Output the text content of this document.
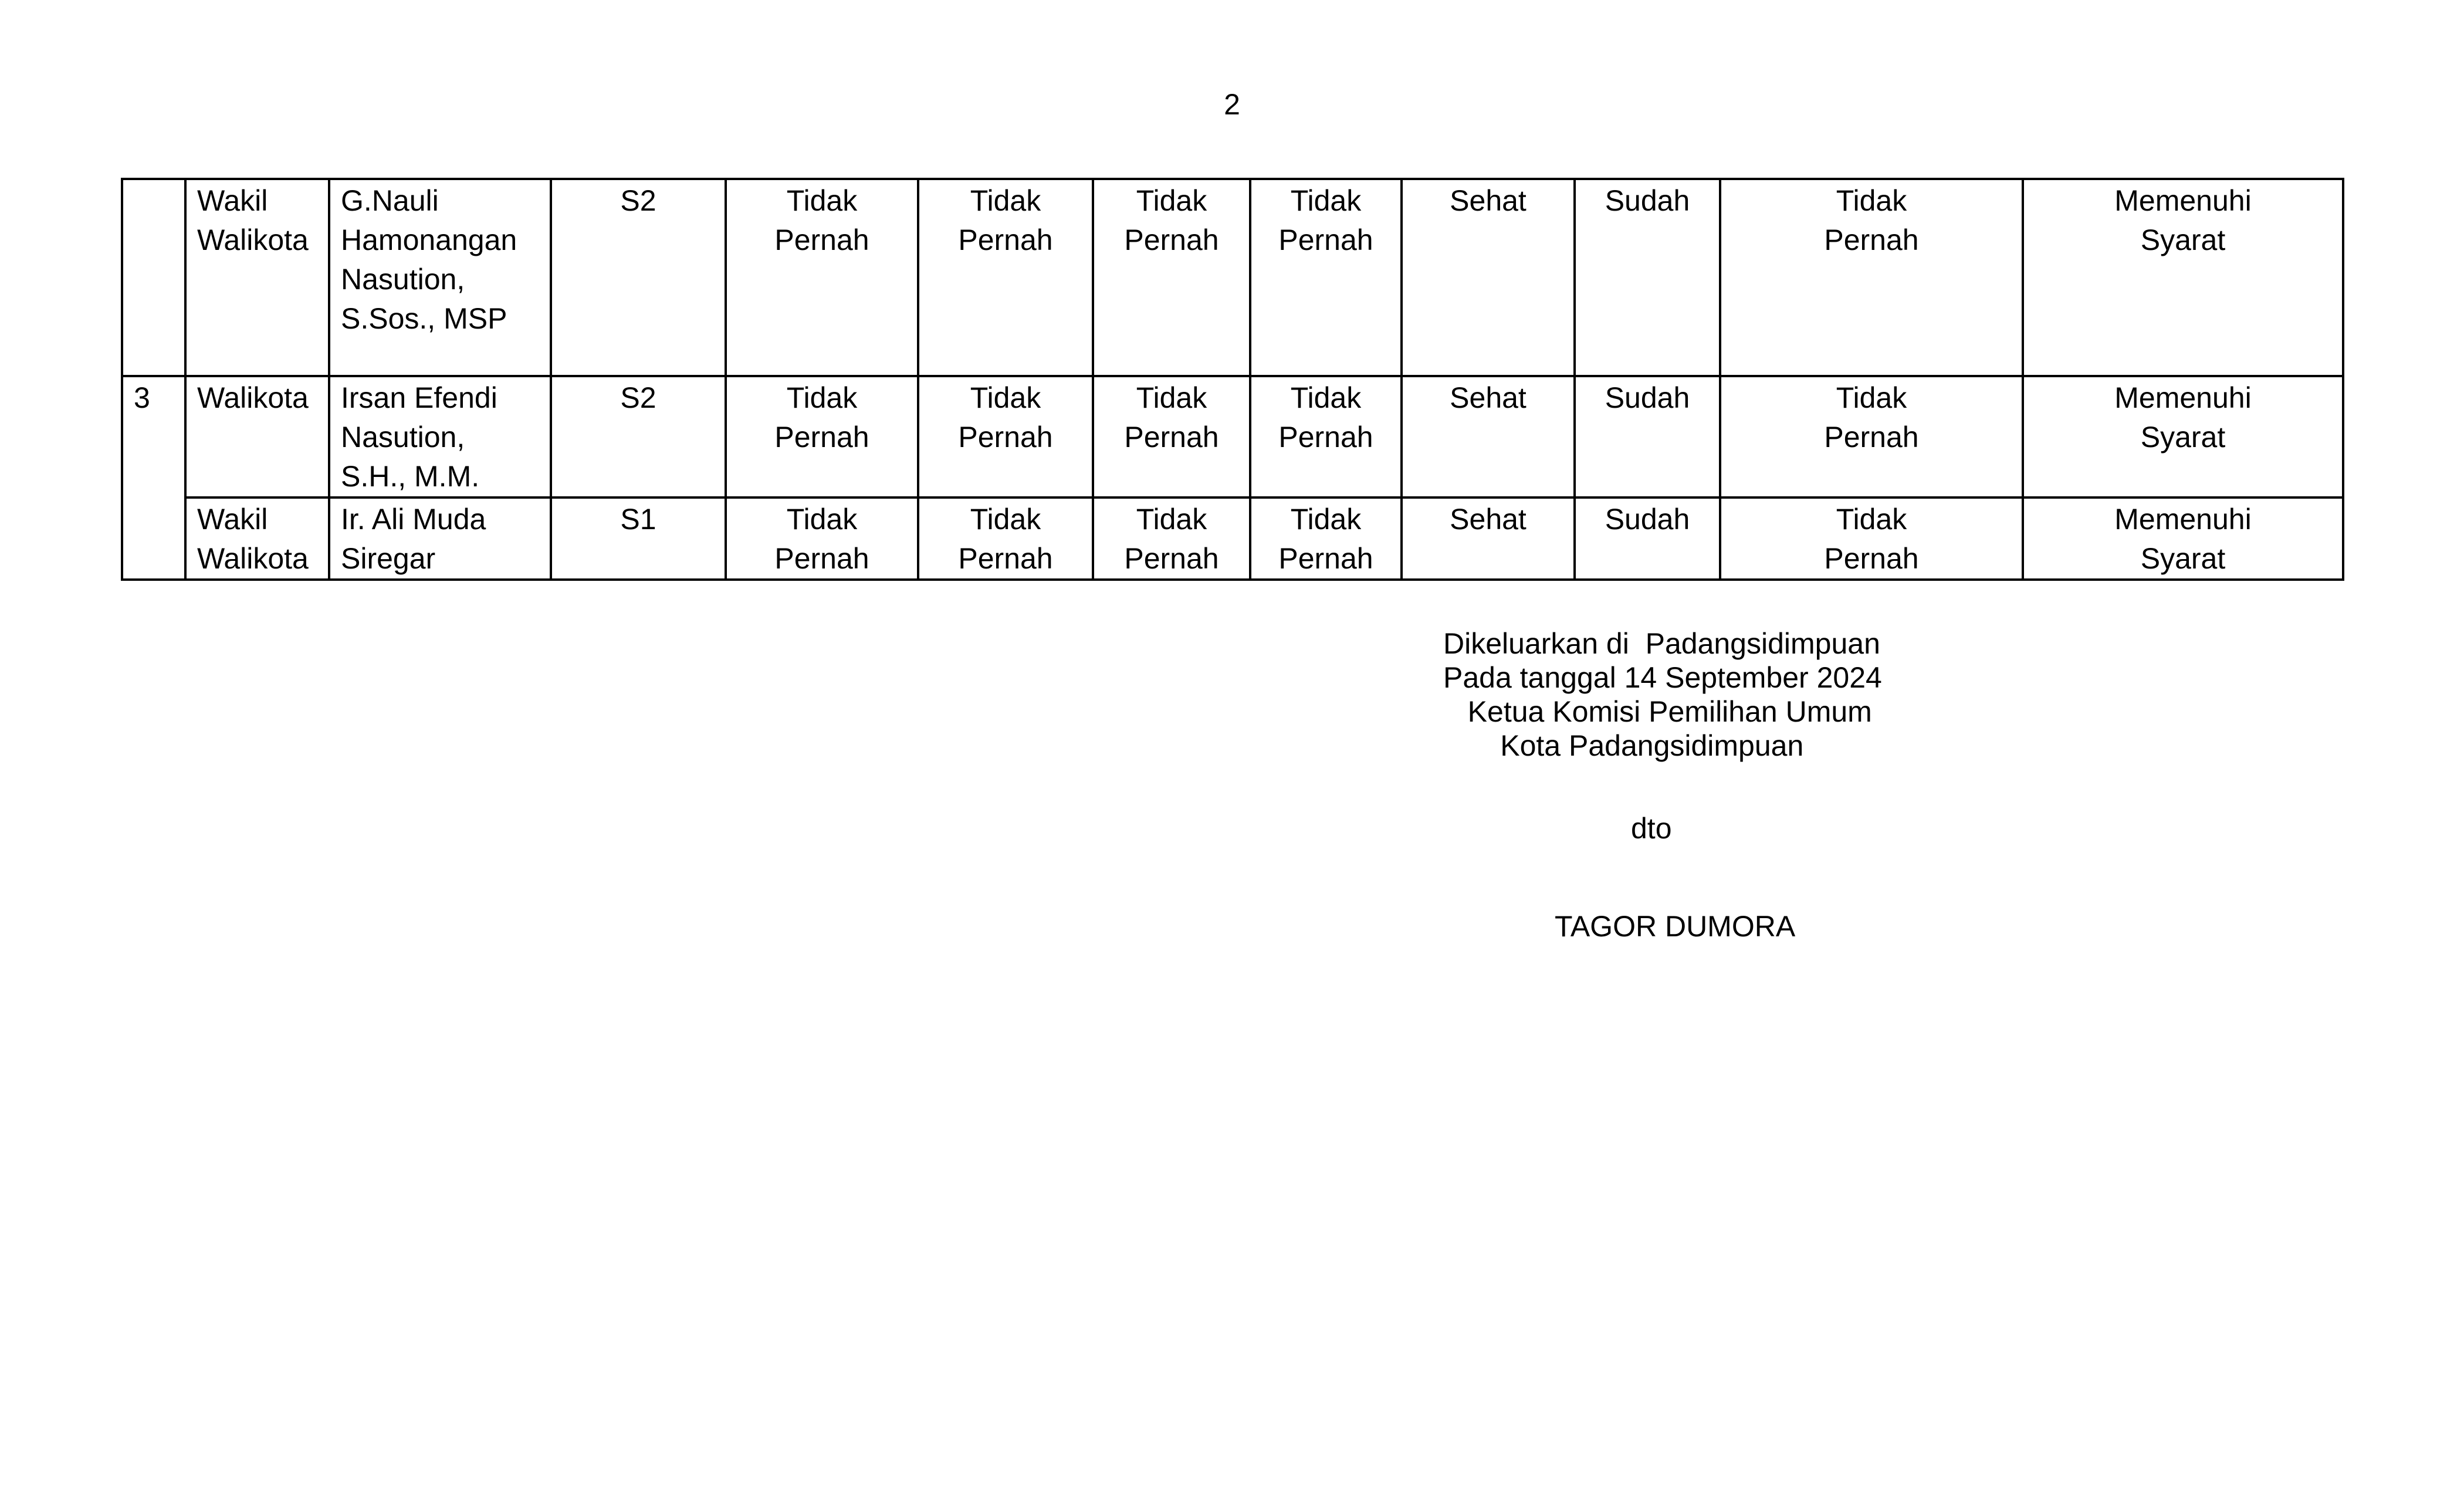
2

	Wakil
Walikota	G.Nauli
Hamonangan
Nasution,
S.Sos., MSP	S2	Tidak
Pernah	Tidak
Pernah	Tidak
Pernah	Tidak
Pernah	Sehat	Sudah	Tidak
Pernah	Memenuhi
Syarat

3	Walikota	Irsan Efendi
Nasution,
S.H., M.M.	S2	Tidak
Pernah	Tidak
Pernah	Tidak
Pernah	Tidak
Pernah	Sehat	Sudah	Tidak
Pernah	Memenuhi
Syarat

	Wakil
Walikota	Ir. Ali Muda
Siregar	S1	Tidak
Pernah	Tidak
Pernah	Tidak
Pernah	Tidak
Pernah	Sehat	Sudah	Tidak
Pernah	Memenuhi
Syarat
Dikeluarkan di  Padangsidimpuan
Pada tanggal 14 September 2024
Ketua Komisi Pemilihan Umum
Kota Padangsidimpuan
dto
TAGOR DUMORA
